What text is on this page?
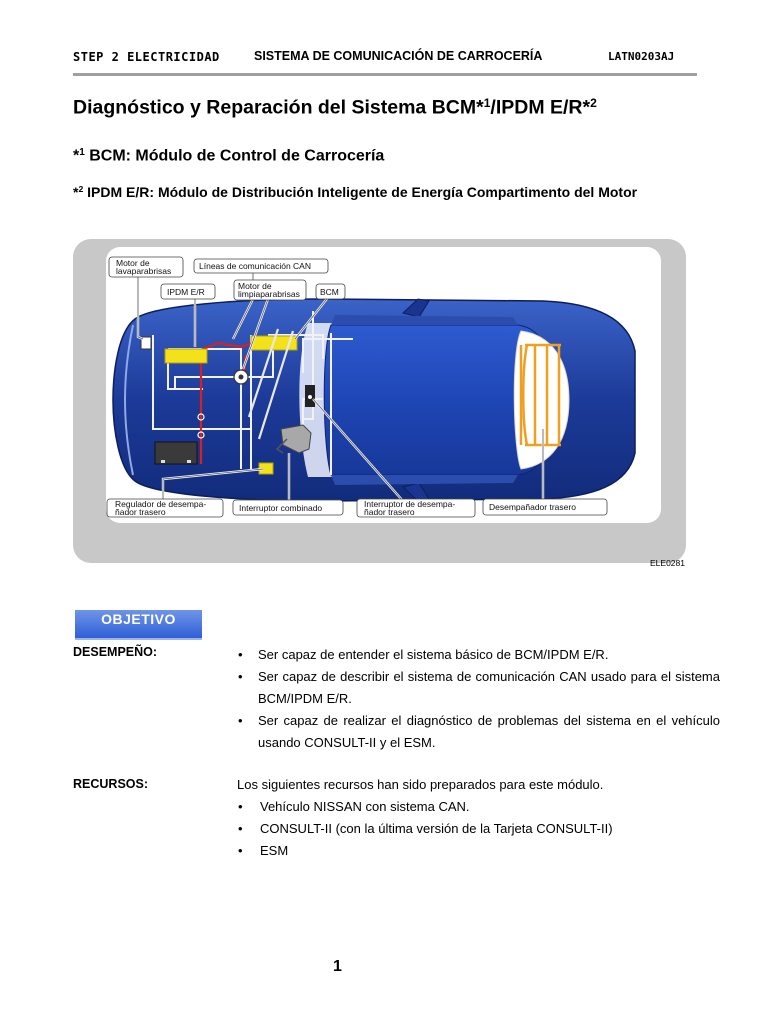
STEP 2 ELECTRICIDAD	SISTEMA DE COMUNICACIÓN DE CARROCERÍA	LATN0203AJ
Diagnóstico y Reparación del Sistema BCM*$^1$/IPDM E/R*$^2$
*$^1$ BCM: Módulo de Control de Carrocería
*$^2$ IPDM E/R: Módulo de Distribución Inteligente de Energía Compartimento del Motor
Motor de
lavaparabrisas	Líneas de comunicación CAN
IPDM E/R
Motor de
limpiaparabrisas BCM
Regulador de desempa-
ñador trasero	Interruptor combinado	Interruptor de desempa-
ñador trasero	Desempañador trasero
ELE0281
OBJETIVO
DESEMPEÑO:
•	Ser capaz de entender el sistema básico de BCM/IPDM E/R.
• Ser capaz de describir el sistema de comunicación CAN usado para el sistema BCM/IPDM E/R.
• Ser capaz de realizar el diagnóstico de problemas del sistema en el vehículo usando CONSULT-II y el ESM.
RECURSOS:	Los siguientes recursos han sido preparados para este módulo.
• Vehículo NISSAN con sistema CAN.
• CONSULT-II (con la última versión de la Tarjeta CONSULT-II)
• ESM
1
